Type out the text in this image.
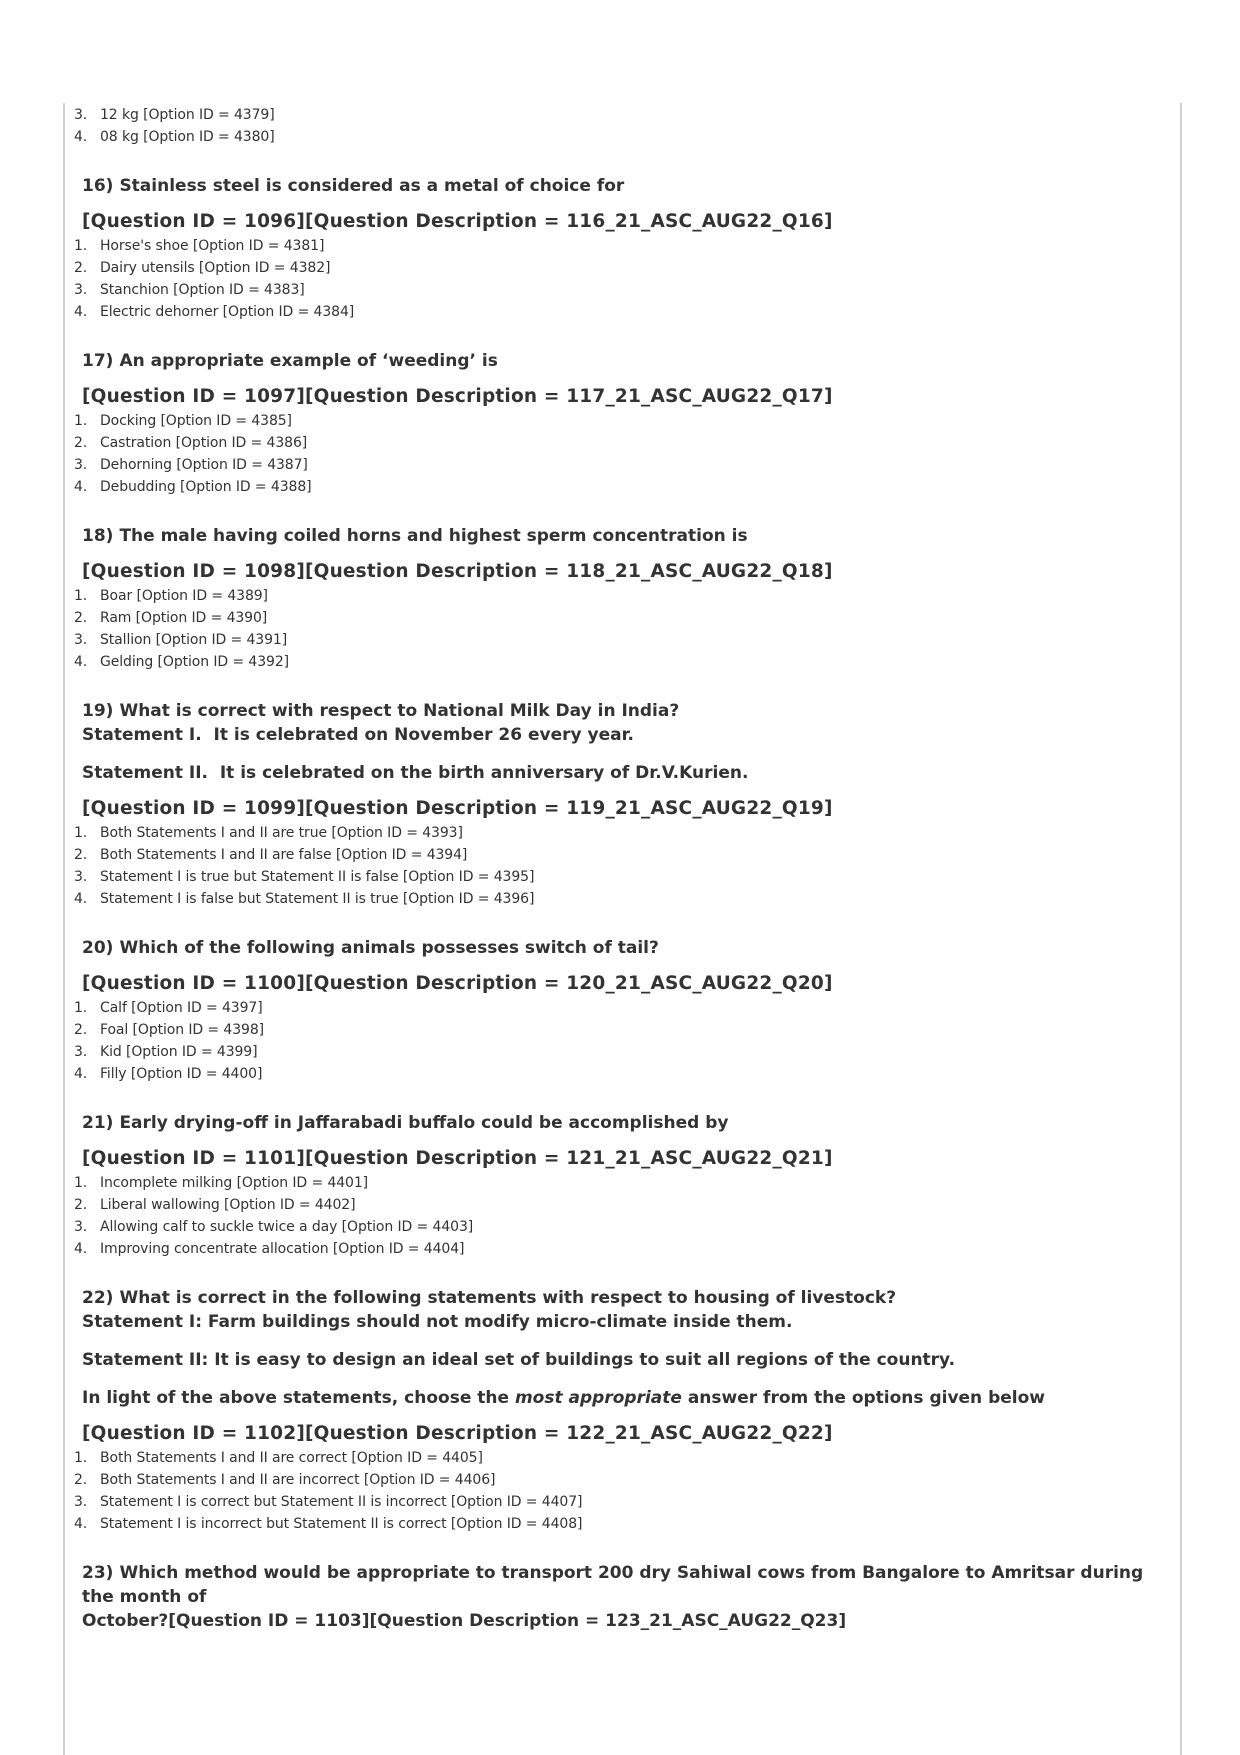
3. 12 kg [Option ID = 4379]
4. 08 kg [Option ID = 4380]
16) Stainless steel is considered as a metal of choice for
[Question ID = 1096][Question Description = 116_21_ASC_AUG22_Q16]
1. Horse's shoe [Option ID = 4381]
2. Dairy utensils [Option ID = 4382]
3. Stanchion [Option ID = 4383]
4. Electric dehorner [Option ID = 4384]
17) An appropriate example of ‘weeding’ is
[Question ID = 1097][Question Description = 117_21_ASC_AUG22_Q17]
1. Docking [Option ID = 4385]
2. Castration [Option ID = 4386]
3. Dehorning [Option ID = 4387]
4. Debudding [Option ID = 4388]
18) The male having coiled horns and highest sperm concentration is
[Question ID = 1098][Question Description = 118_21_ASC_AUG22_Q18]
1. Boar [Option ID = 4389]
2. Ram [Option ID = 4390]
3. Stallion [Option ID = 4391]
4. Gelding [Option ID = 4392]
19) What is correct with respect to National Milk Day in India?
Statement I.  It is celebrated on November 26 every year.
Statement II.  It is celebrated on the birth anniversary of Dr.V.Kurien.
[Question ID = 1099][Question Description = 119_21_ASC_AUG22_Q19]
1. Both Statements I and II are true [Option ID = 4393]
2. Both Statements I and II are false [Option ID = 4394]
3. Statement I is true but Statement II is false [Option ID = 4395]
4. Statement I is false but Statement II is true [Option ID = 4396]
20) Which of the following animals possesses switch of tail?
[Question ID = 1100][Question Description = 120_21_ASC_AUG22_Q20]
1. Calf [Option ID = 4397]
2. Foal [Option ID = 4398]
3. Kid [Option ID = 4399]
4. Filly [Option ID = 4400]
21) Early drying-off in Jaffarabadi buffalo could be accomplished by
[Question ID = 1101][Question Description = 121_21_ASC_AUG22_Q21]
1. Incomplete milking [Option ID = 4401]
2. Liberal wallowing [Option ID = 4402]
3. Allowing calf to suckle twice a day [Option ID = 4403]
4. Improving concentrate allocation [Option ID = 4404]
22) What is correct in the following statements with respect to housing of livestock?
Statement I: Farm buildings should not modify micro-climate inside them.
Statement II: It is easy to design an ideal set of buildings to suit all regions of the country.
In light of the above statements, choose the most appropriate answer from the options given below
[Question ID = 1102][Question Description = 122_21_ASC_AUG22_Q22]
1. Both Statements I and II are correct [Option ID = 4405]
2. Both Statements I and II are incorrect [Option ID = 4406]
3. Statement I is correct but Statement II is incorrect [Option ID = 4407]
4. Statement I is incorrect but Statement II is correct [Option ID = 4408]
23) Which method would be appropriate to transport 200 dry Sahiwal cows from Bangalore to Amritsar during the month of
October?[Question ID = 1103][Question Description = 123_21_ASC_AUG22_Q23]
